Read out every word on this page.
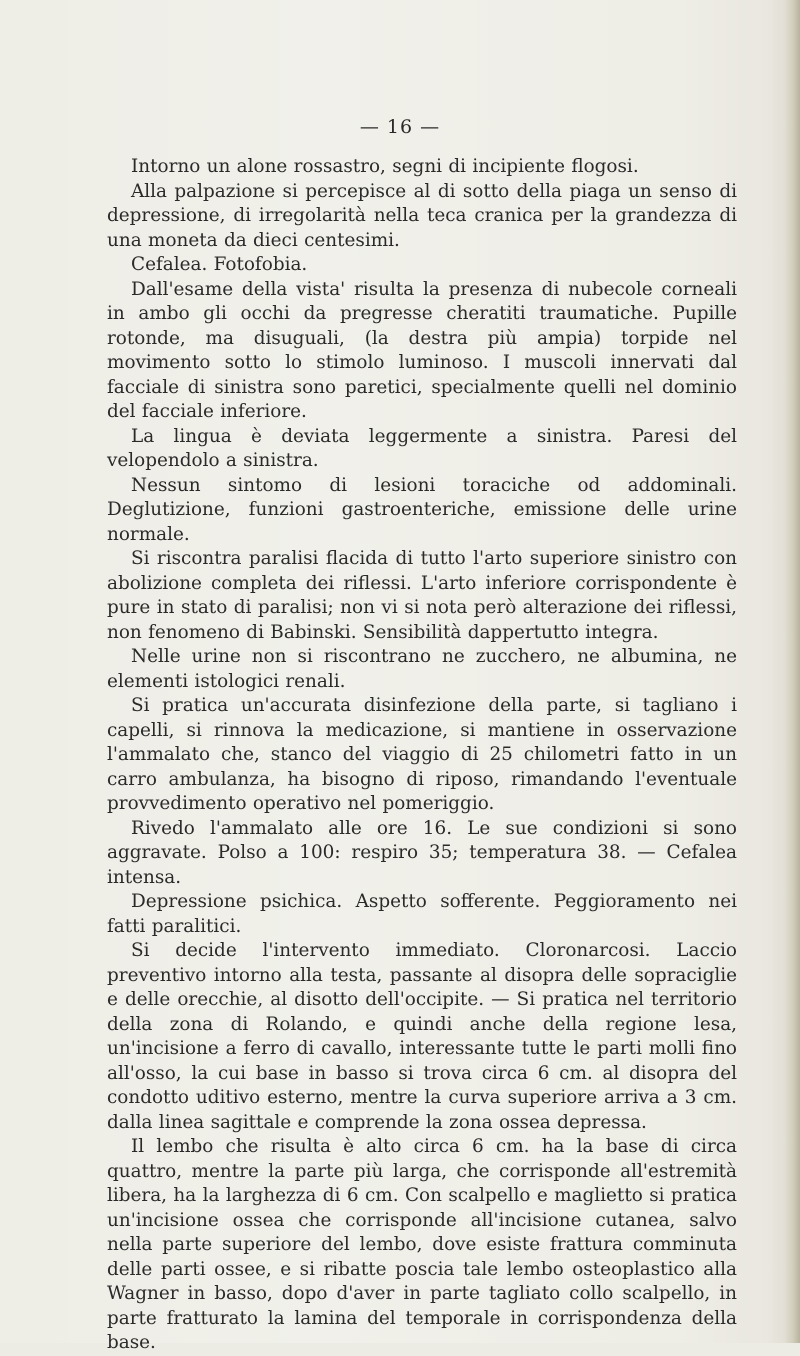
— 16 —

Intorno un alone rossastro, segni di incipiente flogosi.

Alla palpazione si percepisce al di sotto della piaga un senso di depressione, di irregolarità nella teca cranica per la grandezza di una moneta da dieci centesimi.

Cefalea. Fotofobia.

Dall'esame della vista' risulta la presenza di nubecole corneali in ambo gli occhi da pregresse cheratiti traumatiche. Pupille rotonde, ma disuguali, (la destra più ampia) torpide nel movimento sotto lo stimolo luminoso. I muscoli innervati dal facciale di sinistra sono paretici, specialmente quelli nel dominio del facciale inferiore.

La lingua è deviata leggermente a sinistra. Paresi del velopendolo a sinistra.

Nessun sintomo di lesioni toraciche od addominali. Deglutizione, funzioni gastroenteriche, emissione delle urine normale.

Si riscontra paralisi flacida di tutto l'arto superiore sinistro con abolizione completa dei riflessi. L'arto inferiore corrispondente è pure in stato di paralisi; non vi si nota però alterazione dei riflessi, non fenomeno di Babinski. Sensibilità dappertutto integra.

Nelle urine non si riscontrano ne zucchero, ne albumina, ne elementi istologici renali.

Si pratica un'accurata disinfezione della parte, si tagliano i capelli, si rinnova la medicazione, si mantiene in osservazione l'ammalato che, stanco del viaggio di 25 chilometri fatto in un carro ambulanza, ha bisogno di riposo, rimandando l'eventuale provvedimento operativo nel pomeriggio.

Rivedo l'ammalato alle ore 16. Le sue condizioni si sono aggravate. Polso a 100: respiro 35; temperatura 38. — Cefalea intensa.

Depressione psichica. Aspetto sofferente. Peggioramento nei fatti paralitici.

Si decide l'intervento immediato. Cloronarcosi. Laccio preventivo intorno alla testa, passante al disopra delle sopraciglie e delle orecchie, al disotto dell'occipite. — Si pratica nel territorio della zona di Rolando, e quindi anche della regione lesa, un'incisione a ferro di cavallo, interessante tutte le parti molli fino all'osso, la cui base in basso si trova circa 6 cm. al disopra del condotto uditivo esterno, mentre la curva superiore arriva a 3 cm. dalla linea sagittale e comprende la zona ossea depressa.

Il lembo che risulta è alto circa 6 cm. ha la base di circa quattro, mentre la parte più larga, che corrisponde all'estremità libera, ha la larghezza di 6 cm. Con scalpello e maglietto si pratica un'incisione ossea che corrisponde all'incisione cutanea, salvo nella parte superiore del lembo, dove esiste frattura comminuta delle parti ossee, e si ribatte poscia tale lembo osteoplastico alla Wagner in basso, dopo d'aver in parte tagliato collo scalpello, in parte fratturato la lamina del temporale in corrispondenza della base.
